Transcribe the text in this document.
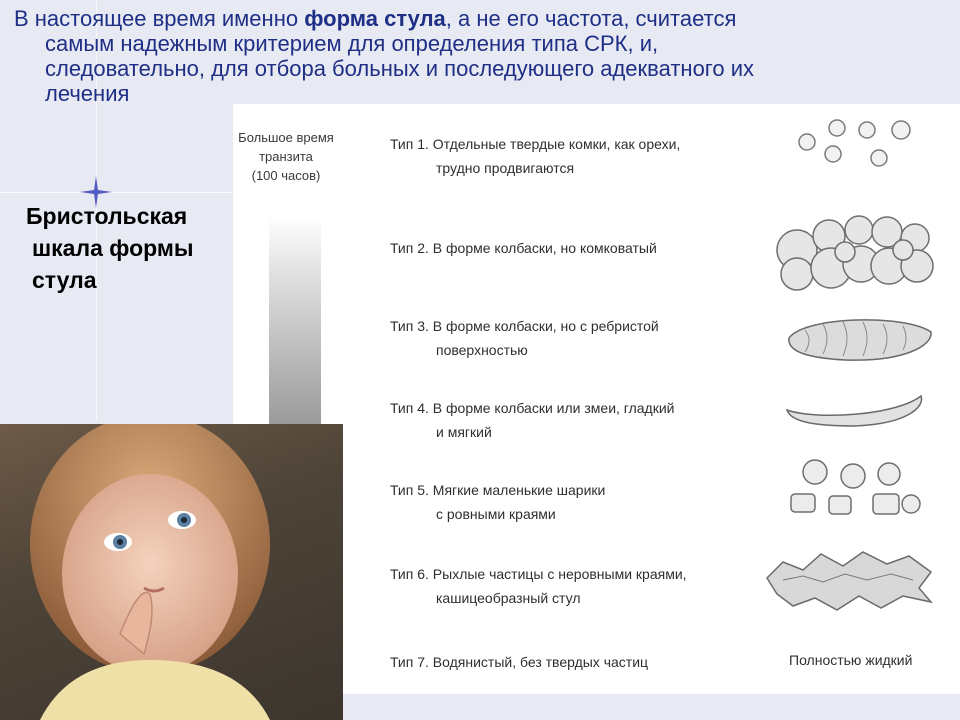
В настоящее время именно форма стула, а не его частота, считается
самым надежным критерием для определения типа СРК, и,
следовательно, для отбора больных и последующего адекватного их
лечения
Бристольская
шкала формы
стула
Большое время
транзита
(100 часов)
Тип 1. Отдельные твердые комки, как орехи,
трудно продвигаются
Тип 2. В форме колбаски, но комковатый
Тип 3. В форме колбаски, но с ребристой
поверхностью
Тип 4. В форме колбаски или змеи, гладкий
и мягкий
Тип 5. Мягкие маленькие шарики
с ровными краями
Тип 6. Рыхлые частицы с неровными краями,
кашицеобразный стул
Тип 7. Водянистый, без твердых частиц	Полностью жидкий
